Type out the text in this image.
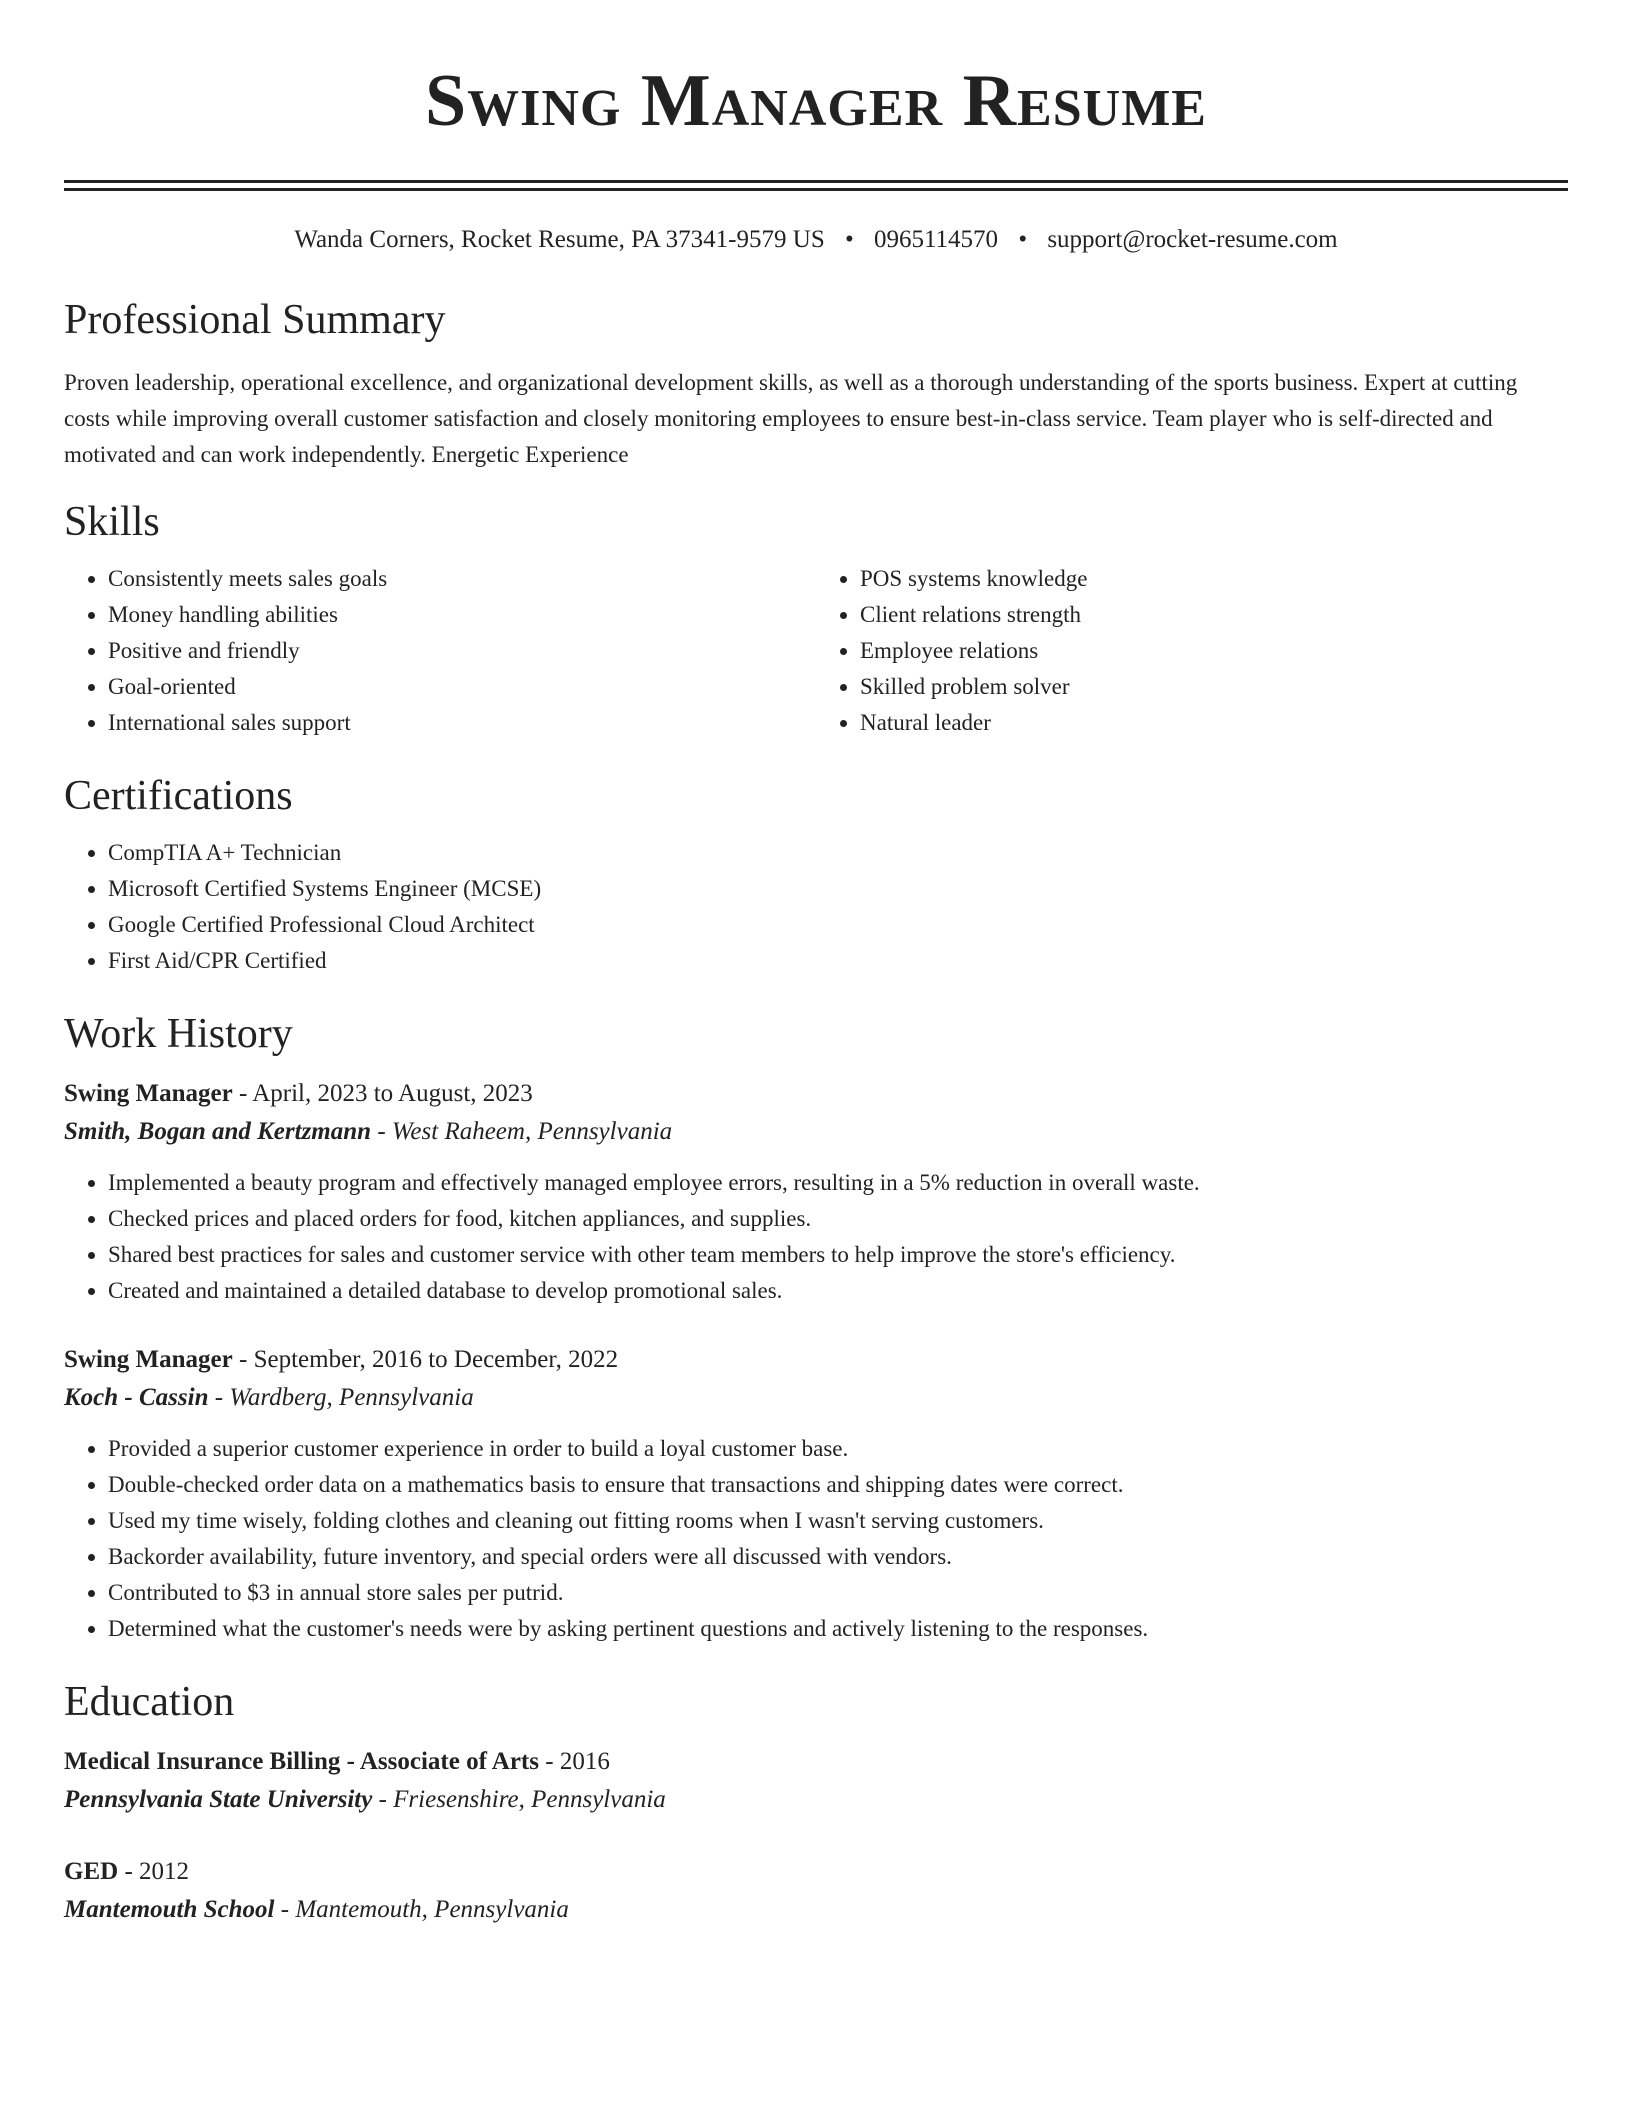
Swing Manager Resume
Wanda Corners, Rocket Resume, PA 37341-9579 US • 0965114570 • support@rocket-resume.com
Professional Summary

Proven leadership, operational excellence, and organizational development skills, as well as a thorough understanding of the sports business. Expert at cutting costs while improving overall customer satisfaction and closely monitoring employees to ensure best-in-class service. Team player who is self-directed and motivated and can work independently. Energetic Experience

Skills
• Consistently meets sales goals
• Money handling abilities
• Positive and friendly
• Goal-oriented
• International sales support
• POS systems knowledge
• Client relations strength
• Employee relations
• Skilled problem solver
• Natural leader
Certifications
• CompTIA A+ Technician
• Microsoft Certified Systems Engineer (MCSE)
• Google Certified Professional Cloud Architect
• First Aid/CPR Certified
Work History
Swing Manager - April, 2023 to August, 2023
Smith, Bogan and Kertzmann - West Raheem, Pennsylvania
• Implemented a beauty program and effectively managed employee errors, resulting in a 5% reduction in overall waste.
• Checked prices and placed orders for food, kitchen appliances, and supplies.
• Shared best practices for sales and customer service with other team members to help improve the store's efficiency.
• Created and maintained a detailed database to develop promotional sales.
Swing Manager - September, 2016 to December, 2022
Koch - Cassin - Wardberg, Pennsylvania
• Provided a superior customer experience in order to build a loyal customer base.
• Double-checked order data on a mathematics basis to ensure that transactions and shipping dates were correct.
• Used my time wisely, folding clothes and cleaning out fitting rooms when I wasn't serving customers.
• Backorder availability, future inventory, and special orders were all discussed with vendors.
• Contributed to $3 in annual store sales per putrid.
• Determined what the customer's needs were by asking pertinent questions and actively listening to the responses.
Education
Medical Insurance Billing - Associate of Arts - 2016
Pennsylvania State University - Friesenshire, Pennsylvania
GED - 2012
Mantemouth School - Mantemouth, Pennsylvania
